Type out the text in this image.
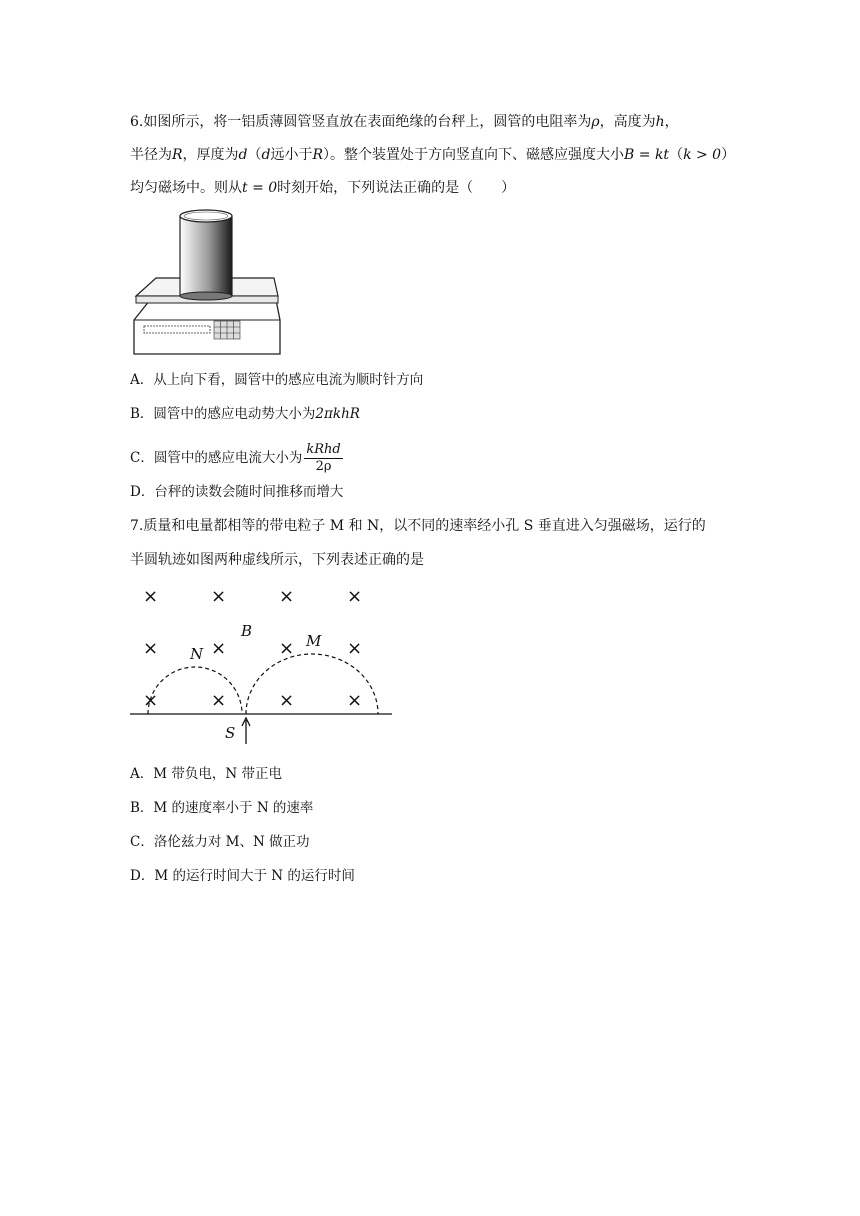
6.如图所示，将一铝质薄圆管竖直放在表面绝缘的台秤上，圆管的电阻率为ρ，高度为h，
半径为R，厚度为d（d远小于R）。整个装置处于方向竖直向下、磁感应强度大小B = kt（k > 0）
均匀磁场中。则从t = 0时刻开始，下列说法正确的是（　　）
A．从上向下看，圆管中的感应电流为顺时针方向
B．圆管中的感应电动势大小为2πkhR
C．圆管中的感应电流大小为 $\frac{\text{kRhd}}{2\rho}$
D．台秤的读数会随时间推移而增大
7.质量和电量都相等的带电粒子 M 和 N，以不同的速率经小孔 S 垂直进入匀强磁场，运行的
半圆轨迹如图两种虚线所示，下列表述正确的是
×	×	×	×
×	×	×	×
×	×	×	×
B
N
M
S
A．M 带负电，N 带正电
B．M 的速度率小于 N 的速率
C．洛伦兹力对 M、N 做正功
D．M 的运行时间大于 N 的运行时间
